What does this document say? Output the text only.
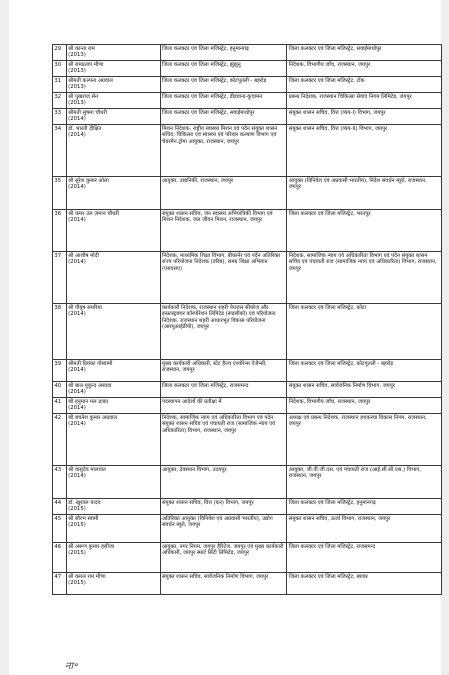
29	श्री कान्ता राम
(2013)	जिला कलक्टर एवं जिला मजिस्ट्रेट, हनुमानगढ़	जिला कलक्टर एवं जिला मजिस्ट्रेट, सवाईमाधोपुर
30	श्री रामप्रताप मीणा
(2013)	जिला कलक्टर एवं जिला मजिस्ट्रेट, झुंझुनू	निदेशक, विभागीय जाँच, राजस्थान, जयपुर
31	श्रीमती कल्पना अग्रवाल
(2013)	जिला कलक्टर एवं जिला मजिस्ट्रेट, कोटपूतली - बहरोड़	जिला कलक्टर एवं जिला मजिस्ट्रेट, टोंक
32	श्री पुखराज सेन
(2013)	जिला कलक्टर एवं जिला मजिस्ट्रेट, डीडवाना-कुचामन	प्रबन्ध निदेशक, राजस्थान चिकित्सा सेवाएं निगम लिमिटेड, जयपुर
33	श्रीमती सुषमा चौधरी
(2014)	जिला कलक्टर एवं जिला मजिस्ट्रेट, सवाईमाधोपुर	संयुक्त शासन सचिव, वित्त (व्यय-I) विभाग, जयपुर
34	डॉ. भारती दीक्षित
(2014)	मिशन निदेशक, राष्ट्रीय स्वास्थ्य मिशन एवं पदेन संयुक्त शासन सचिव, चिकित्सा एवं स्वास्थ्य एवं परिवार कल्याण विभाग एवं चेयरमैन ट्रोमा आयुक्त, राजस्थान, जयपुर	संयुक्त शासन सचिव, वित्त (व्यय-II) विभाग, जयपुर
35	श्री सुरेश कुमार ओला
(2014)	आयुक्त, उद्यानिकी, राजस्थान, जयपुर	आयुक्त (विनिवेश एवं अप्रवासी भारतीय), निदेश संवर्धन ब्यूरो, राजस्थान, जयपुर
36	श्री कमर उल ज़मान चौधरी
(2014)	संयुक्त शासन सचिव, जन स्वास्थ्य अभियांत्रिकी विभाग एवं मिशन निदेशक, जल जीवन मिशन, राजस्थान, जयपुर	जिला कलक्टर एवं जिला मजिस्ट्रेट, भरतपुर
37	श्री आशीष मोदी
(2014)	निदेशक, माध्यमिक शिक्षा विभाग, बीकानेर एवं पदेन अतिरिक्त राज्य परियोजना निदेशक (वरिष्ठ), समग्र शिक्षा अभियान (एसएसए)	निदेशक, सामाजिक न्याय एवं अधिकारिता विभाग एवं पदेन संयुक्त शासन सचिव एवं पंचायती राज (सामाजिक न्याय एवं अधिकारिता) विभाग, राजस्थान, जयपुर
38	श्री पीयूष समरिया
(2014)	कार्यकारी निदेशक, राजस्थान शहरी पेयजल सीवरेज और इन्फ्रास्ट्रक्चर कॉरपोरेशन लिमिटेड (रूडसीको) एवं परियोजना निदेशक, राजस्थान शहरी आधारभूत विकास परियोजना (आरयूआईडीपी), जयपुर	जिला कलक्टर एवं जिला मजिस्ट्रेट, कोटा
39	श्रीमती प्रियंका गोस्वामी
(2014)	मुख्य कार्यकारी अधिकारी, स्टेट हैल्थ एश्योरेन्स ऐजेन्सी, राजस्थान, जयपुर	जिला कलक्टर एवं जिला मजिस्ट्रेट, कोटपूतली - बहरोड़
40	श्री बाल मुकुन्द असावा
(2014)	जिला कलक्टर एवं जिला मजिस्ट्रेट, राजसमन्द	संयुक्त शासन सचिव, सार्वजनिक निर्माण विभाग, जयपुर
41	श्री हनुमान मल ढाका
(2014)	पदस्थापन आदेशों की प्रतीक्षा में	निदेशक, विभागीय जाँच, राजस्थान, जयपुर
42	श्री बचनेश कुमार अग्रवाल
(2014)	निदेशक, सामाजिक न्याय एवं अधिकारिता विभाग एवं पदेन संयुक्त शासन सचिव एवं पंचायती राज (सामाजिक न्याय एवं अधिकारिता) विभाग, राजस्थान, जयपुर	अध्यक्ष एवं प्रबन्ध निदेशक, राजस्थान हथकरघा विकास निगम, राजस्थान, जयपुर
43	श्री वासुदेव मालावत
(2014)	आयुक्त, देवस्थान विभाग, उदयपुर	आयुक्त, जी.वी.जी.एस. एवं पंचायती राज (आई.सी.सी.एस.) विभाग, राजस्थान, जयपुर
44	डॉ. खुशाल यादव
(2015)	संयुक्त शासन सचिव, वित्त (कर) विभाग, जयपुर	जिला कलक्टर एवं जिला मजिस्ट्रेट, हनुमानगढ़
45	श्री सौरभ स्वामी
(2015)	अतिरिक्त आयुक्त (विनिवेश एवं अप्रवासी भारतीय), उद्योग संवर्धन ब्यूरो, जयपुर	संयुक्त शासन सचिव, ऊर्जा विभाग, राजस्थान, जयपुर
46	श्री अरूण कुमार हसीजा
(2015)	आयुक्त, नगर निगम, जयपुर हैरिटेज, जयपुर एवं मुख्य कार्यकारी अधिकारी, जयपुर स्मार्ट सिटी लिमिटेड, जयपुर	जिला कलक्टर एवं जिला मजिस्ट्रेट, राजसमन्द
47	श्री कमल राम मीणा
(2015)	संयुक्त शासन सचिव, सार्वजनिक निर्माण विभाग, जयपुर	जिला कलक्टर एवं जिला मजिस्ट्रेट, ब्यावर
ना॰
